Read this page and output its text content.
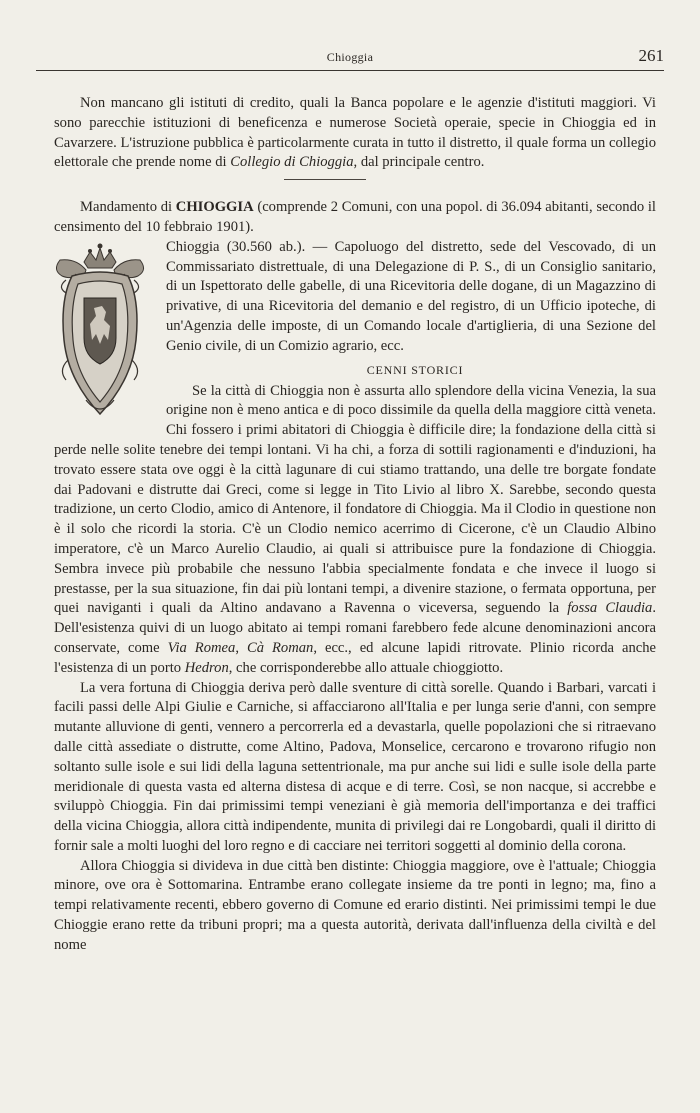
Chioggia	261

Non mancano gli istituti di credito, quali la Banca popolare e le agenzie d'istituti maggiori. Vi sono parecchie istituzioni di beneficenza e numerose Società operaie, specie in Chioggia ed in Cavarzere. L'istruzione pubblica è particolarmente curata in tutto il distretto, il quale forma un collegio elettorale che prende nome di Collegio di Chioggia, dal principale centro.

Mandamento di CHIOGGIA (comprende 2 Comuni, con una popol. di 36.094 abitanti, secondo il censimento del 10 febbraio 1901).

Chioggia (30.560 ab.). — Capoluogo del distretto, sede del Vescovado, di un Commissariato distrettuale, di una Delegazione di P. S., di un Consiglio sanitario, di un Ispettorato delle gabelle, di una Ricevitoria delle dogane, di un Magazzino di privative, di una Ricevitoria del demanio e del registro, di un Ufficio ipoteche, di un'Agenzia delle imposte, di un Comando locale d'artiglieria, di una Sezione del Genio civile, di un Comizio agrario, ecc.

CENNI STORICI

Se la città di Chioggia non è assurta allo splendore della vicina Venezia, la sua origine non è meno antica e di poco dissimile da quella della maggiore città veneta. Chi fossero i primi abitatori di Chioggia è difficile dire; la fondazione della città si perde nelle solite tenebre dei tempi lontani. Vi ha chi, a forza di sottili ragionamenti e d'induzioni, ha trovato essere stata ove oggi è la città lagunare di cui stiamo trattando, una delle tre borgate fondate dai Padovani e distrutte dai Greci, come si legge in Tito Livio al libro X. Sarebbe, secondo questa tradizione, un certo Clodio, amico di Antenore, il fondatore di Chioggia. Ma il Clodio in questione non è il solo che ricordi la storia. C'è un Clodio nemico acerrimo di Cicerone, c'è un Claudio Albino imperatore, c'è un Marco Aurelio Claudio, ai quali si attribuisce pure la fondazione di Chioggia. Sembra invece più probabile che nessuno l'abbia specialmente fondata e che invece il luogo si prestasse, per la sua situazione, fin dai più lontani tempi, a divenire stazione, o fermata opportuna, per quei naviganti i quali da Altino andavano a Ravenna o viceversa, seguendo la fossa Claudia. Dell'esistenza quivi di un luogo abitato ai tempi romani farebbero fede alcune denominazioni ancora conservate, come Via Romea, Cà Roman, ecc., ed alcune lapidi ritrovate. Plinio ricorda anche l'esistenza di un porto Hedron, che corrisponderebbe allo attuale chioggiotto.

La vera fortuna di Chioggia deriva però dalle sventure di città sorelle. Quando i Barbari, varcati i facili passi delle Alpi Giulie e Carniche, si affacciarono all'Italia e per lunga serie d'anni, con sempre mutante alluvione di genti, vennero a percorrerla ed a devastarla, quelle popolazioni che si ritraevano dalle città assediate o distrutte, come Altino, Padova, Monselice, cercarono e trovarono rifugio non soltanto sulle isole e sui lidi della laguna settentrionale, ma pur anche sui lidi e sulle isole della parte meridionale di questa vasta ed alterna distesa di acque e di terre. Così, se non nacque, si accrebbe e sviluppò Chioggia. Fin dai primissimi tempi veneziani è già memoria dell'importanza e dei traffici della vicina Chioggia, allora città indipendente, munita di privilegi dai re Longobardi, quali il diritto di fornir sale a molti luoghi del loro regno e di cacciare nei territori soggetti al dominio della corona.

Allora Chioggia si divideva in due città ben distinte: Chioggia maggiore, ove è l'attuale; Chioggia minore, ove ora è Sottomarina. Entrambe erano collegate insieme da tre ponti in legno; ma, fino a tempi relativamente recenti, ebbero governo di Comune ed erario distinti. Nei primissimi tempi le due Chioggie erano rette da tribuni propri; ma a questa autorità, derivata dall'influenza della civiltà e del nome
